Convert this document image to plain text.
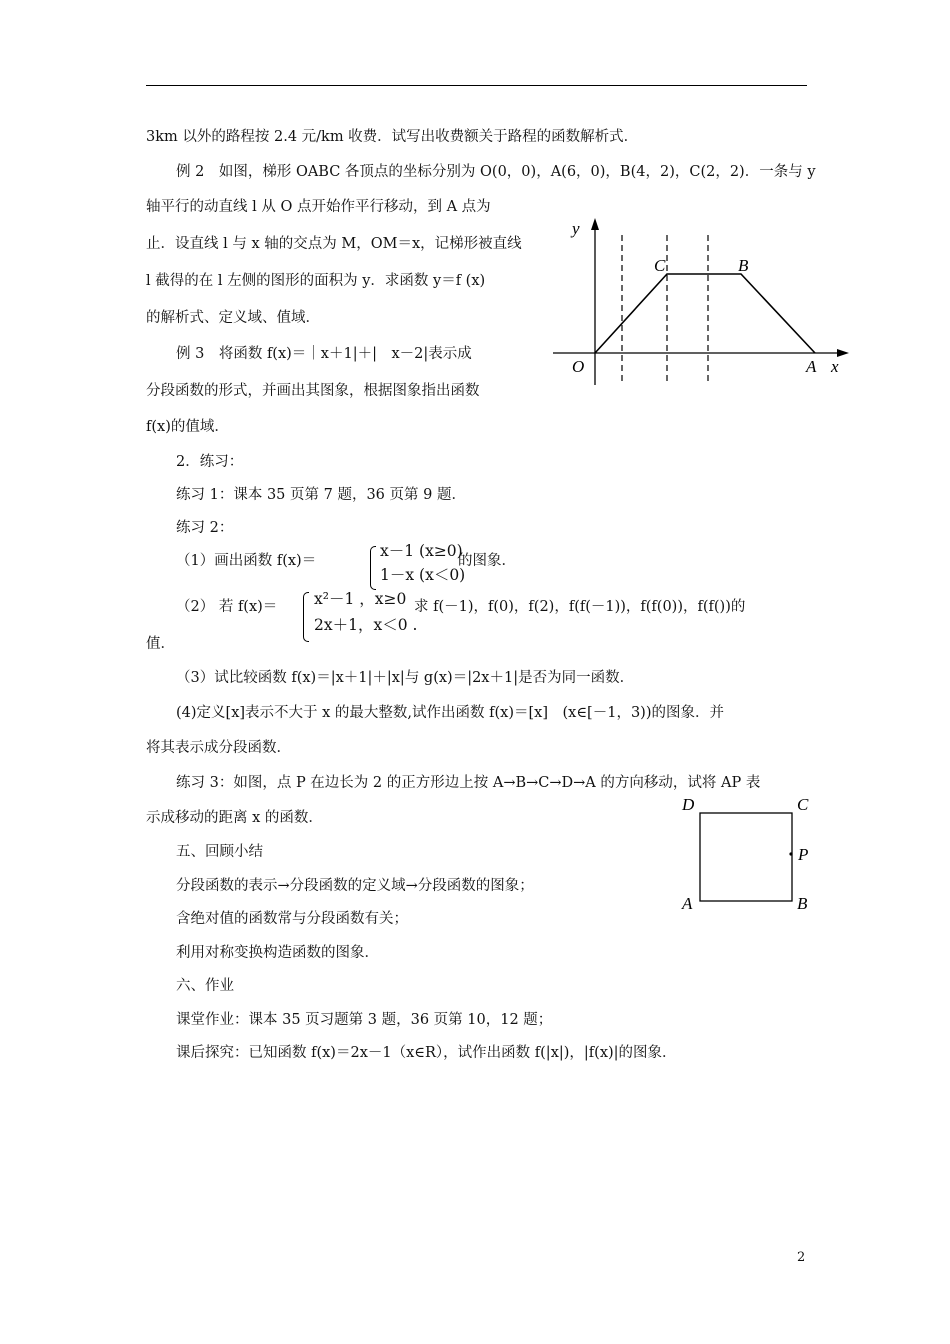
3km 以外的路程按 2.4 元/km 收费．试写出收费额关于路程的函数解析式．
例 2　如图，梯形 OABC 各顶点的坐标分别为 O(0，0)，A(6，0)，B(4，2)，C(2，2)．一条与 y
轴平行的动直线 l 从 O 点开始作平行移动，到 A 点为
止．设直线 l 与 x 轴的交点为 M，OM＝x，记梯形被直线
l 截得的在 l 左侧的图形的面积为 y．求函数 y＝f (x)
的解析式、定义域、值域．
例 3　将函数 f(x)＝｜x＋1|＋|　x－2|表示成
分段函数的形式，并画出其图象，根据图象指出函数
f(x)的值域．
2．练习：
练习 1：课本 35 页第 7 题，36 页第 9 题．
练习 2：
（1）画出函数 f(x)＝
x－1 (x≥0)
1－x (x＜0)
的图象．
（2） 若 f(x)＝ x²－1 ，x≥0
2x＋1，x＜0 .
求 f(－1)，f(0)，f(2)，f(f(－1))，f(f(0))，f(f())的
值．
（3）试比较函数 f(x)＝|x＋1|＋|x|与 g(x)＝|2x＋1|是否为同一函数．
(4)定义[x]表示不大于 x 的最大整数,试作出函数 f(x)＝[x]　(x∈[－1，3))的图象．并
将其表示成分段函数．
练习 3：如图，点 P 在边长为 2 的正方形边上按 A→B→C→D→A 的方向移动，试将 AP 表
示成移动的距离 x 的函数．
五、回顾小结
分段函数的表示→分段函数的定义域→分段函数的图象；
含绝对值的函数常与分段函数有关；
利用对称变换构造函数的图象．
六、作业
课堂作业：课本 35 页习题第 3 题，36 页第 10，12 题；
课后探究：已知函数 f(x)＝2x－1（x∈R），试作出函数 f(|x|)，|f(x)|的图象．
y
x
O	A
B
C
D	C
A	B
P
2
